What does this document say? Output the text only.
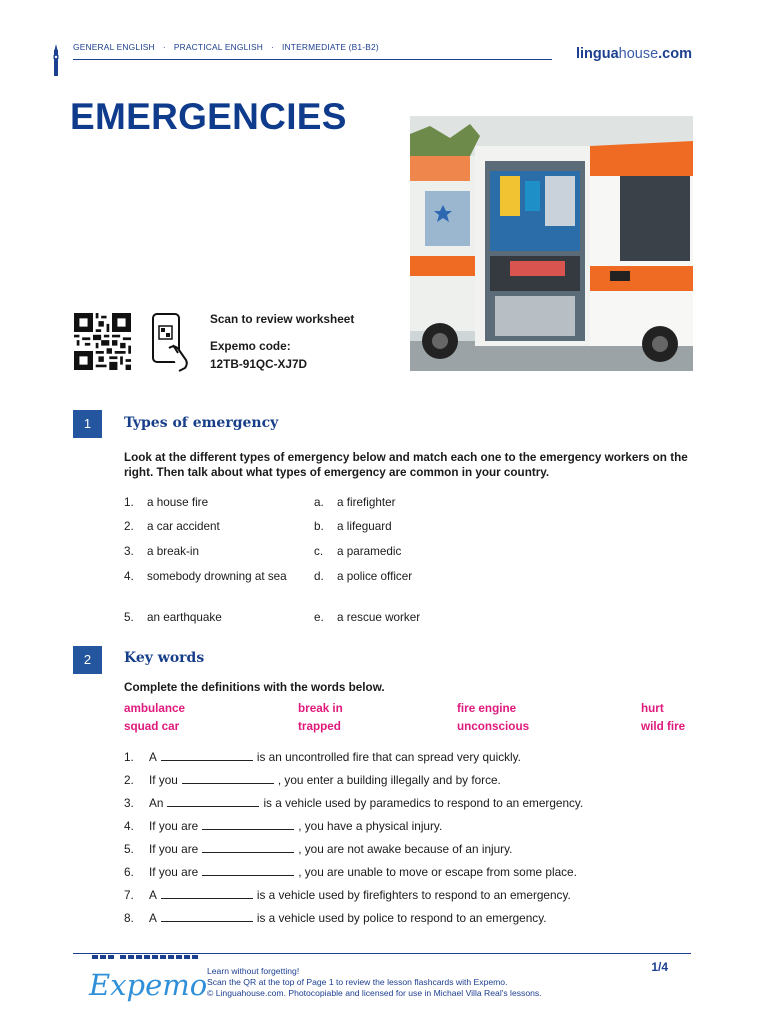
GENERAL ENGLISH · PRACTICAL ENGLISH · INTERMEDIATE (B1-B2)	linguahouse.com
EMERGENCIES
Scan to review worksheet
Expemo code:
12TB-91QC-XJ7D
1	Types of emergency
Look at the different types of emergency below and match each one to the emergency workers on the right. Then talk about what types of emergency are common in your country.
1. a house fire	a. a firefighter
2. a car accident	b. a lifeguard
3. a break-in	c. a paramedic
4. somebody drowning at sea d. a police officer
5. an earthquake	e. a rescue worker
2	Key words
Complete the definitions with the words below.
ambulance	break in	fire engine	hurt
squad car	trapped	unconscious	wild fire
1. A	is an uncontrolled fire that can spread very quickly.
2. If you	, you enter a building illegally and by force.
3. An	is a vehicle used by paramedics to respond to an emergency.
4. If you are	, you have a physical injury.
5. If you are	, you are not awake because of an injury.
6. If you are	, you are unable to move or escape from some place.
7. A	is a vehicle used by firefighters to respond to an emergency.
8. A	is a vehicle used by police to respond to an emergency.
Expemo Learn without forgetting!
Scan the QR at the top of Page 1 to review the lesson flashcards with Expemo.
© Linguahouse.com. Photocopiable and licensed for use in Michael Villa Real's lessons.
1/4
